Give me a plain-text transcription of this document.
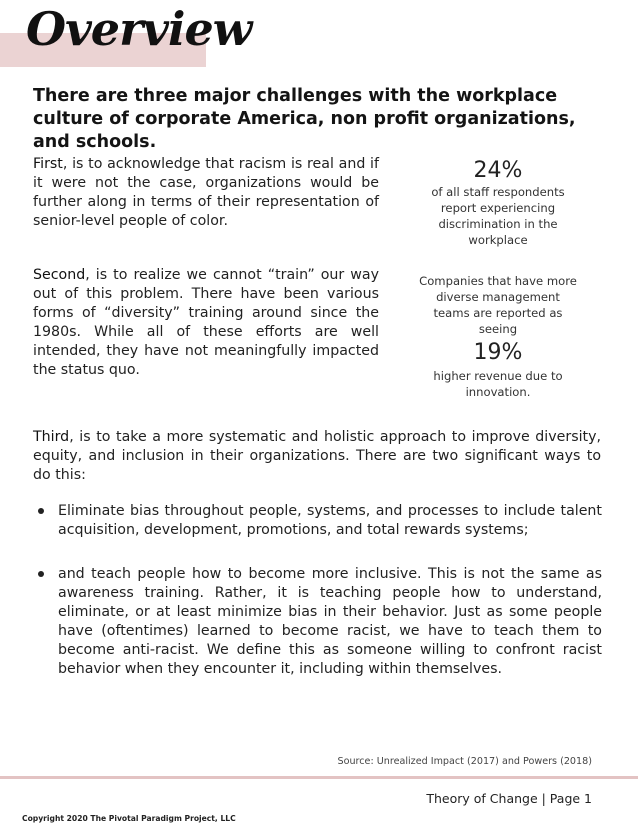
Overview

There are three major challenges with the workplace culture of corporate America, non profit organizations, and schools.

First, is to acknowledge that racism is real and if it were not the case, organizations would be further along in terms of their representation of senior-level people of color.

24%

of all staff respondents report experiencing discrimination in the workplace

Second, is to realize we cannot “train” our way out of this problem. There have been various forms of “diversity” training around since the 1980s. While all of these efforts are well intended, they have not meaningfully impacted the status quo.

Companies that have more diverse management teams are reported as seeing

19%

higher revenue due to innovation.

Third, is to take a more systematic and holistic approach to improve diversity, equity, and inclusion in their organizations. There are two significant ways to do this:

Eliminate bias throughout people, systems, and processes to include talent acquisition, development, promotions, and total rewards systems;
and teach people how to become more inclusive. This is not the same as awareness training. Rather, it is teaching people how to understand, eliminate, or at least minimize bias in their behavior. Just as some people have (oftentimes) learned to become racist, we have to teach them to become anti-racist. We define this as someone willing to confront racist behavior when they encounter it, including within themselves.

Source: Unrealized Impact (2017) and Powers (2018)

Theory of Change | Page 1

Copyright 2020 The Pivotal Paradigm Project, LLC
